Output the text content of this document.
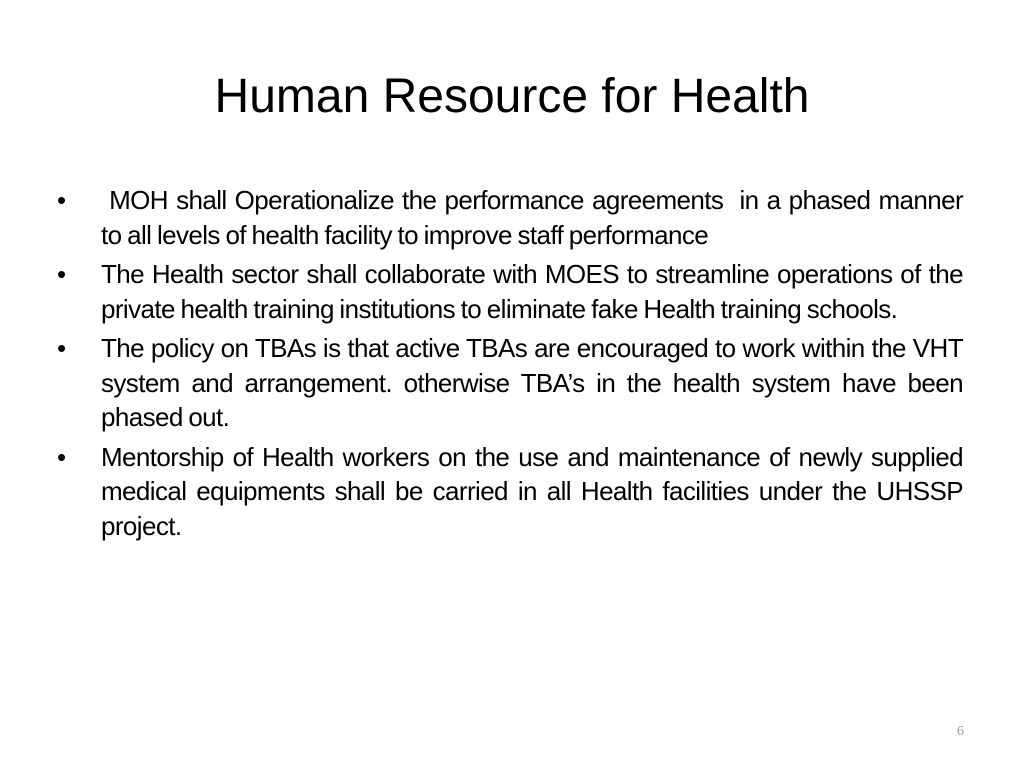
Human Resource for Health
•	MOH shall Operationalize the performance agreements  in a phased manner  to all levels of health facility to improve staff performance
•	The Health sector shall collaborate with MOES to streamline operations of the private health training institutions to eliminate fake Health training schools.
•	The policy on TBAs is that active TBAs are encouraged to work within the VHT system and arrangement. otherwise TBA’s in the health system have been phased out.
•	Mentorship of Health workers on the use and maintenance of newly supplied medical equipments shall be carried in all Health facilities under the UHSSP project.
6
